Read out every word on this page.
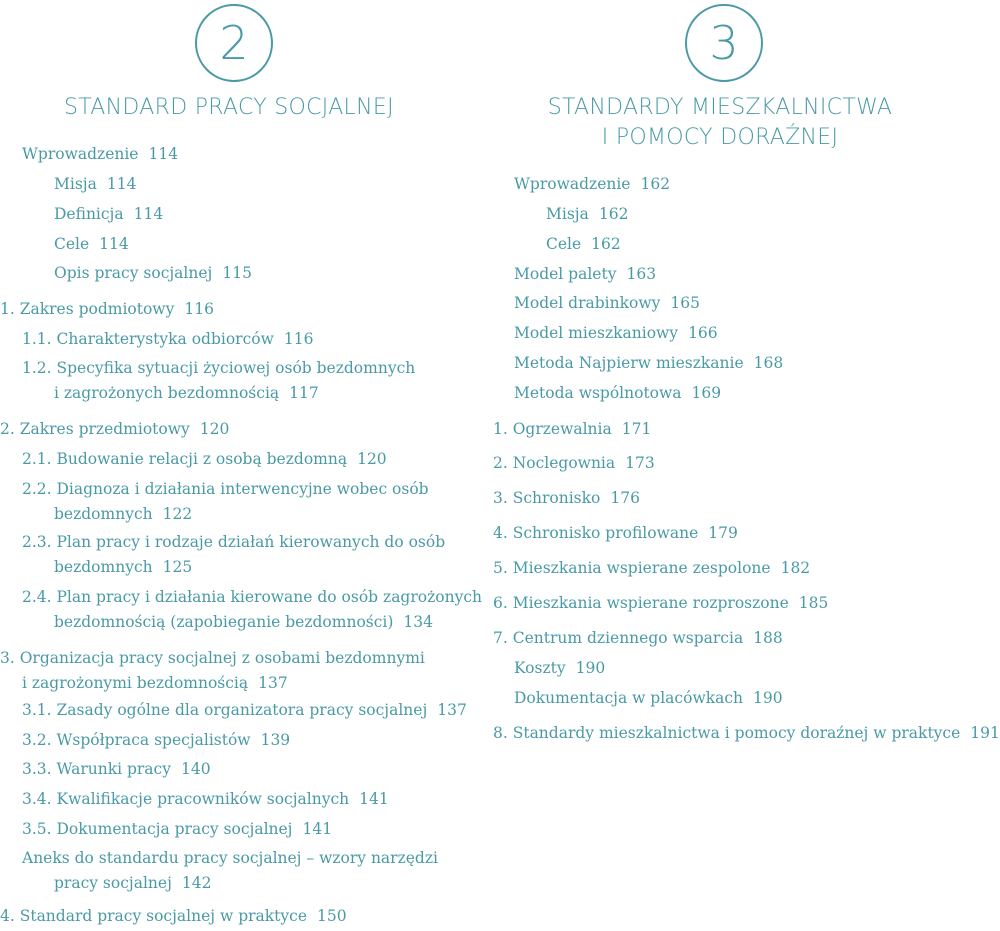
2
STANDARD PRACY SOCJALNEJ
Wprowadzenie 114
Misja 114
Definicja 114
Cele 114
Opis pracy socjalnej 115
1. Zakres podmiotowy 116
1.1. Charakterystyka odbiorców 116
1.2. Specyfika sytuacji życiowej osób bezdomnych
i zagrożonych bezdomnością 117
2. Zakres przedmiotowy 120
2.1. Budowanie relacji z osobą bezdomną 120
2.2. Diagnoza i działania interwencyjne wobec osób
bezdomnych 122
2.3. Plan pracy i rodzaje działań kierowanych do osób
bezdomnych 125
2.4. Plan pracy i działania kierowane do osób zagrożonych
bezdomnością (zapobieganie bezdomności) 134
3. Organizacja pracy socjalnej z osobami bezdomnymi
i zagrożonymi bezdomnością 137
3.1. Zasady ogólne dla organizatora pracy socjalnej 137
3.2. Współpraca specjalistów 139
3.3. Warunki pracy 140
3.4. Kwalifikacje pracowników socjalnych 141
3.5. Dokumentacja pracy socjalnej 141
Aneks do standardu pracy socjalnej – wzory narzędzi
pracy socjalnej 142
4. Standard pracy socjalnej w praktyce 150
3
STANDARDY MIESZKALNICTWA
I POMOCY DORAŹNEJ
Wprowadzenie 162
Misja 162
Cele 162
Model palety 163
Model drabinkowy 165
Model mieszkaniowy 166
Metoda Najpierw mieszkanie 168
Metoda wspólnotowa 169
1. Ogrzewalnia 171
2. Noclegownia 173
3. Schronisko 176
4. Schronisko profilowane 179
5. Mieszkania wspierane zespolone 182
6. Mieszkania wspierane rozproszone 185
7. Centrum dziennego wsparcia 188
Koszty 190
Dokumentacja w placówkach 190
8. Standardy mieszkalnictwa i pomocy doraźnej w praktyce 191
